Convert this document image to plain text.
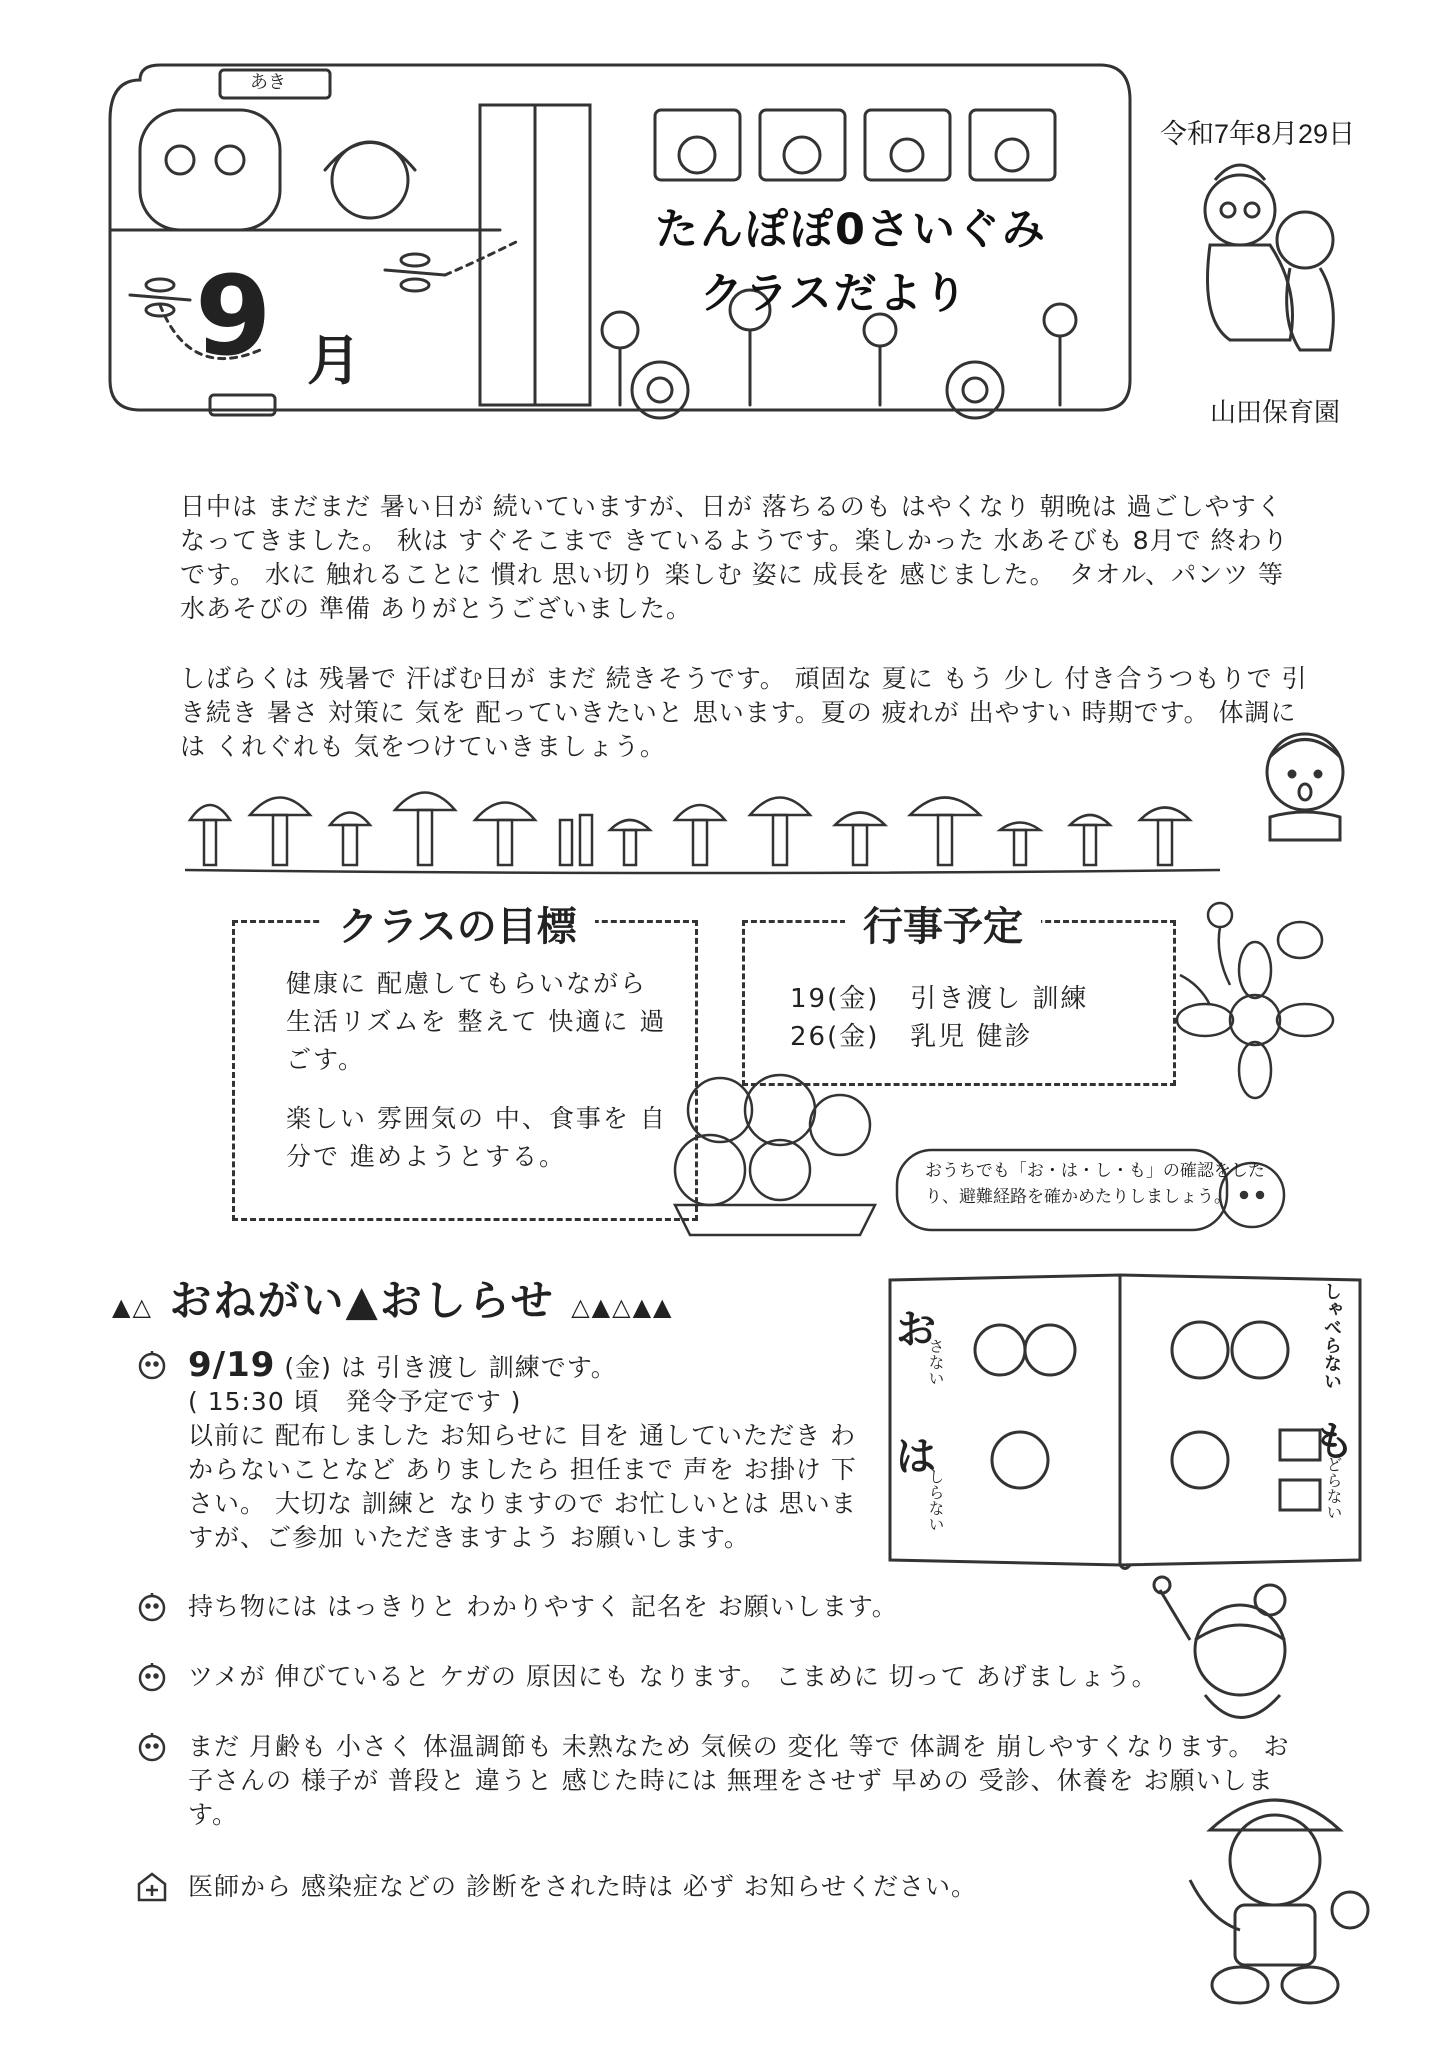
あき
9 月
たんぽぽ0さいぐみ
クラスだより
令和7年8月29日
山田保育園
日中は まだまだ 暑い日が 続いていますが、日が 落ちるのも はやくなり 朝晩は 過ごしやすく なってきました。 秋は すぐそこまで きているようです。楽しかった 水あそびも 8月で 終わりです。 水に 触れることに 慣れ 思い切り 楽しむ 姿に 成長を 感じました。　タオル、パンツ 等 水あそびの 準備 ありがとうございました。
しばらくは 残暑で 汗ばむ日が まだ 続きそうです。 頑固な 夏に もう 少し 付き合うつもりで 引き続き 暑さ 対策に 気を 配っていきたいと 思います。夏の 疲れが 出やすい 時期です。 体調には くれぐれも 気をつけていきましょう。
クラスの目標
健康に 配慮してもらいながら 生活リズムを 整えて 快適に 過ごす。
楽しい 雰囲気の 中、食事を 自分で 進めようとする。
行事予定
19(金) 引き渡し 訓練
26(金) 乳児 健診
おうちでも「お・は・し・も」の確認をしたり、避難経路を確かめたりしましょう。
▲△ おねがい▲おしらせ △▲△▲▲	お
さない
は
しらない
しゃべらない
も
どらない
9/19 (金) は 引き渡し 訓練です。
( 15:30 頃　発令予定です )
以前に 配布しました お知らせに 目を 通していただき わからないことなど ありましたら 担任まで 声を お掛け 下さい。 大切な 訓練と なりますので お忙しいとは 思いますが、ご参加 いただきますよう お願いします。
持ち物には はっきりと わかりやすく 記名を お願いします。
ツメが 伸びていると ケガの 原因にも なります。 こまめに 切って あげましょう。
まだ 月齢も 小さく 体温調節も 未熟なため 気候の 変化 等で 体調を 崩しやすくなります。 お子さんの 様子が 普段と 違うと 感じた時には 無理をさせず 早めの 受診、休養を お願いします。
医師から 感染症などの 診断をされた時は 必ず お知らせください。
